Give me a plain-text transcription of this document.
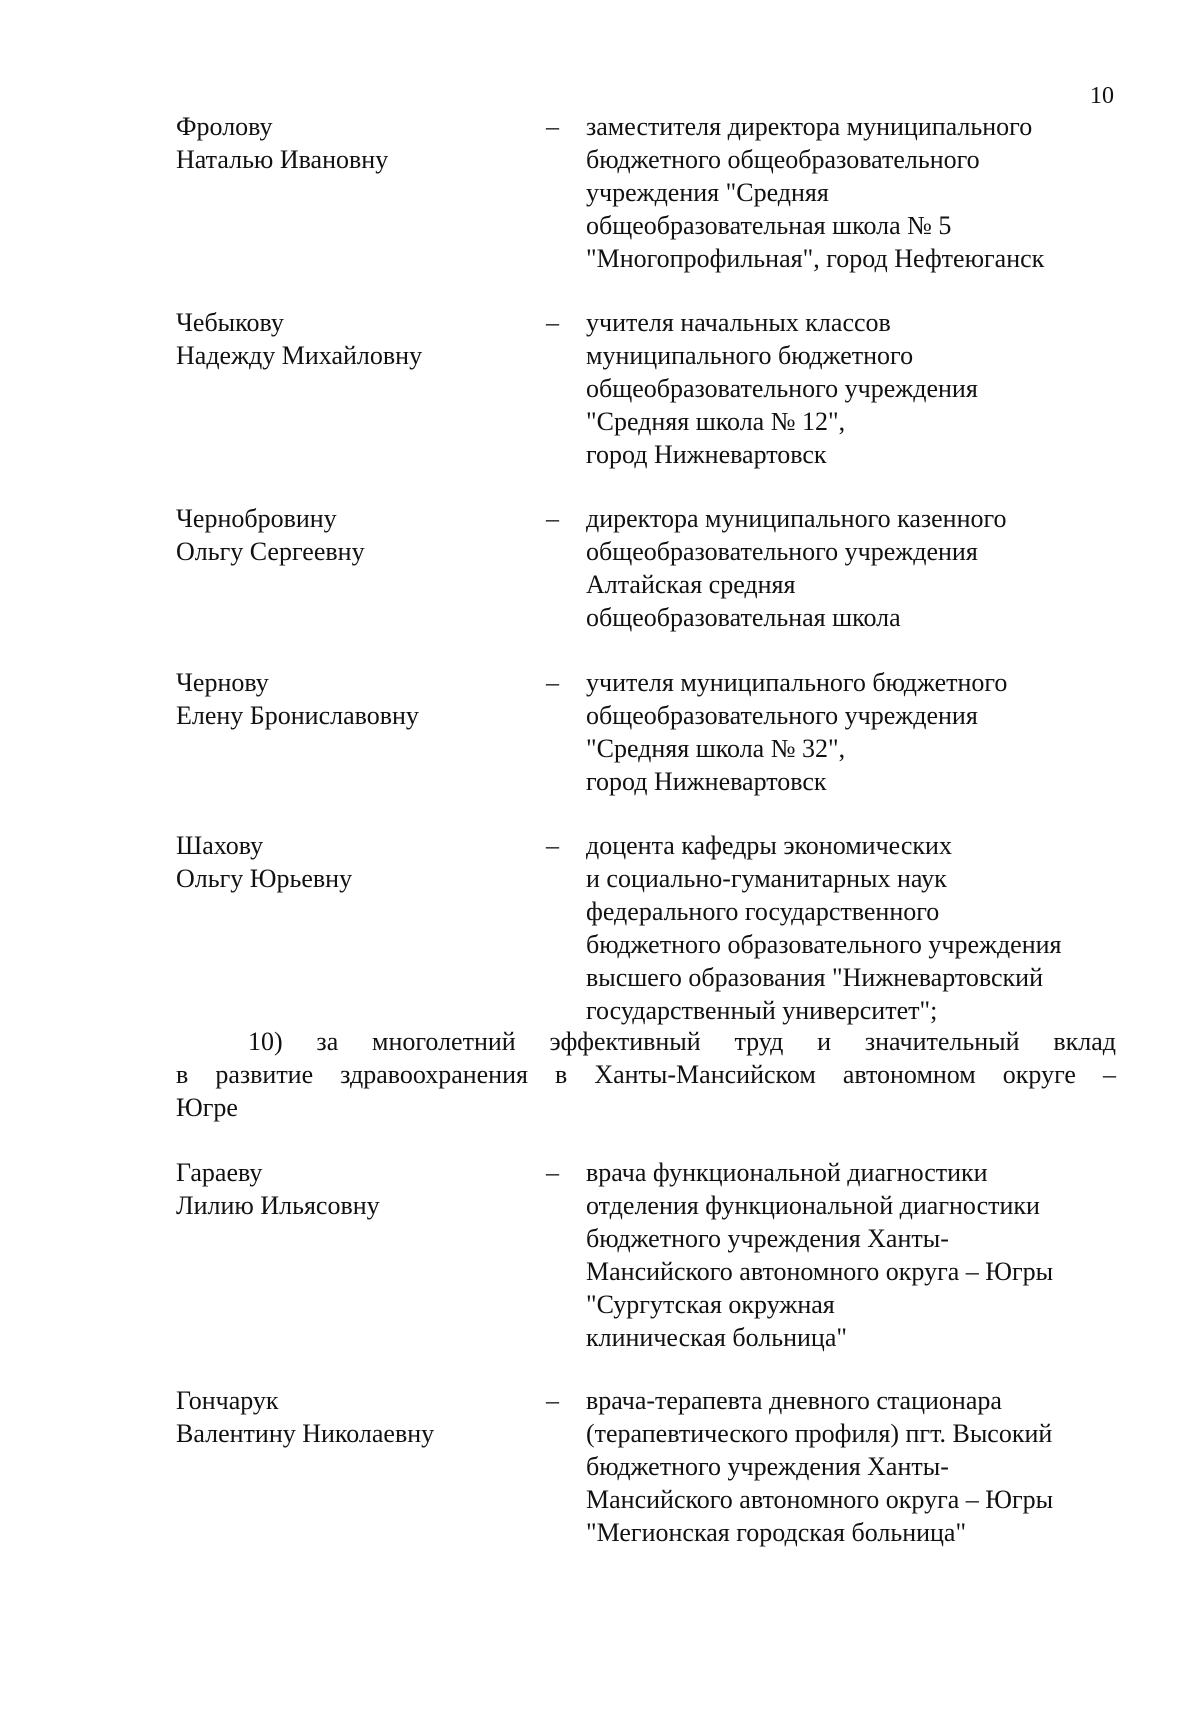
10
Фролову
Наталью Ивановну
– заместителя директора муниципального
бюджетного общеобразовательного
учреждения "Средняя
общеобразовательная школа № 5
"Многопрофильная", город Нефтеюганск
Чебыкову
Надежду Михайловну
– учителя начальных классов
муниципального бюджетного
общеобразовательного учреждения
"Средняя школа № 12",
город Нижневартовск
Чернобровину
Ольгу Сергеевну
– директора муниципального казенного
общеобразовательного учреждения
Алтайская средняя
общеобразовательная школа
Чернову
Елену Брониславовну
– учителя муниципального бюджетного
общеобразовательного учреждения
"Средняя школа № 32",
город Нижневартовск
Шахову
Ольгу Юрьевну
– доцента кафедры экономических
и социально-гуманитарных наук
федерального государственного
бюджетного образовательного учреждения
высшего образования "Нижневартовский
государственный университет";
10) за многолетний эффективный труд и значительный вклад
в развитие здравоохранения в Ханты-Мансийском автономном округе –
Югре
Гараеву
Лилию Ильясовну
– врача функциональной диагностики
отделения функциональной диагностики
бюджетного учреждения Ханты-
Мансийского автономного округа – Югры
"Сургутская окружная
клиническая больница"
Гончарук
Валентину Николаевну
– врача-терапевта дневного стационара
(терапевтического профиля) пгт. Высокий
бюджетного учреждения Ханты-
Мансийского автономного округа – Югры
"Мегионская городская больница"
